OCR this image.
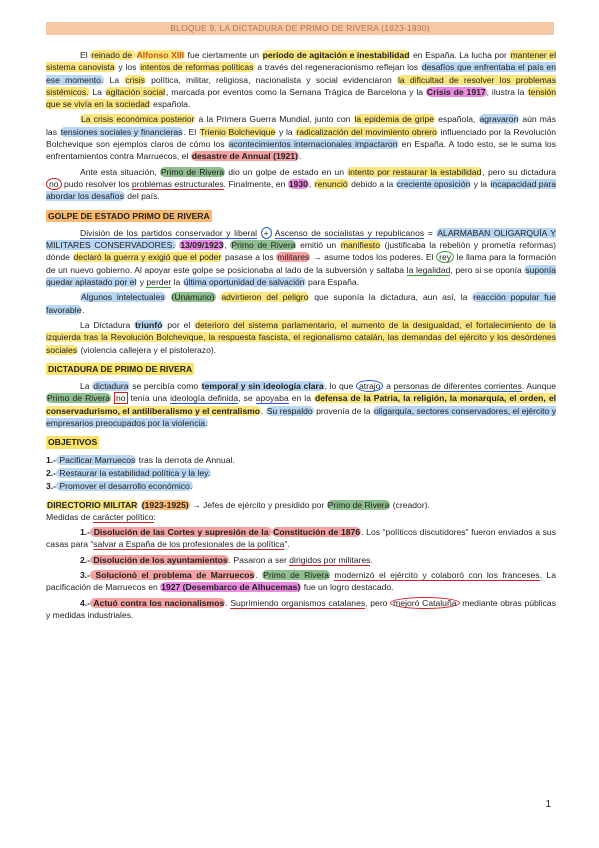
BLOQUE 9. LA DICTADURA DE PRIMO DE RIVERA (1923-1930)

El reinado de Alfonso XIII fue ciertamente un período de agitación e inestabilidad en España. La lucha por mantener el sistema canovista y los intentos de reformas políticas a través del regeneracionismo reflejan los desafíos que enfrentaba el país en ese momento. La crisis política, militar, religiosa, nacionalista y social evidenciaron la dificultad de resolver los problemas sistémicos. La agitación social, marcada por eventos como la Semana Trágica de Barcelona y la Crisis de 1917, ilustra la tensión que se vivía en la sociedad española.

La crisis económica posterior a la Primera Guerra Mundial, junto con la epidemia de gripe española, agravaron aún más las tensiones sociales y financieras. El Trienio Bolchevique y la radicalización del movimiento obrero influenciado por la Revolución Bolchevique son ejemplos claros de cómo los acontecimientos internacionales impactaron en España. A todo esto, se le suma los enfrentamientos contra Marruecos, el desastre de Annual (1921).

Ante esta situación, Primo de Rivera dio un golpe de estado en un intento por restaurar la estabilidad, pero su dictadura no pudo resolver los problemas estructurales. Finalmente, en 1930, renunció debido a la creciente oposición y la incapacidad para abordar los desafíos del país.

GOLPE DE ESTADO PRIMO DE RIVERA

División de los partidos conservador y liberal + Ascenso de socialistas y republicanos = ALARMABAN OLIGARQUÍA Y MILITARES CONSERVADORES. 13/09/1923, Primo de Rivera emitió un manifiesto (justificaba la rebelión y prometía reformas) dónde declaró la guerra y exigió que el poder pasase a los militares → asume todos los poderes. El rey le llama para la formación de un nuevo gobierno. Al apoyar este golpe se posicionaba al lado de la subversión y saltaba la legalidad, pero si se oponía suponía quedar aplastado por el y perder la última oportunidad de salvación para España.

Algunos intelectuales (Unamuno) advirtieron del peligro que suponía la dictadura, aun así, la reacción popular fue favorable.

La Dictadura triunfó por el deterioro del sistema parlamentario, el aumento de la desigualdad, el fortalecimiento de la izquierda tras la Revolución Bolchevique, la respuesta fascista, el regionalismo catalán, las demandas del ejército y los desórdenes sociales (violencia callejera y el pistolerazo).

DICTADURA DE PRIMO DE RIVERA

La dictadura se percibía como temporal y sin ideología clara, lo que atrajo a personas de diferentes corrientes. Aunque Primo de Rivera no tenía una ideología definida, se apoyaba en la defensa de la Patria, la religión, la monarquía, el orden, el conservadurismo, el antiliberalismo y el centralismo. Su respaldo provenía de la oligarquía, sectores conservadores, el ejército y empresarios preocupados por la violencia.

OBJETIVOS

1.- Pacificar Marruecos tras la derrota de Annual.

2.- Restaurar la estabilidad política y la ley.

3.- Promover el desarrollo económico.

DIRECTORIO MILITAR (1923-1925) → Jefes de ejército y presidido por Primo de Rivera (creador).
Medidas de carácter político:

1.- Disolución de las Cortes y supresión de la Constitución de 1876. Los “políticos discutidores” fueron enviados a sus casas para “salvar a España de los profesionales de la política”.

2.- Disolución de los ayuntamientos. Pasaron a ser dirigidos por militares.

3.- Solucionó el problema de Marruecos. Primo de Rivera modernizó el ejército y colaboró con los franceses. La pacificación de Marruecos en 1927 (Desembarco de Alhucemas) fue un logro destacado.

4.- Actuó contra los nacionalismos. Suprimiendo organismos catalanes, pero mejoró Cataluña mediante obras públicas y medidas industriales.

1
